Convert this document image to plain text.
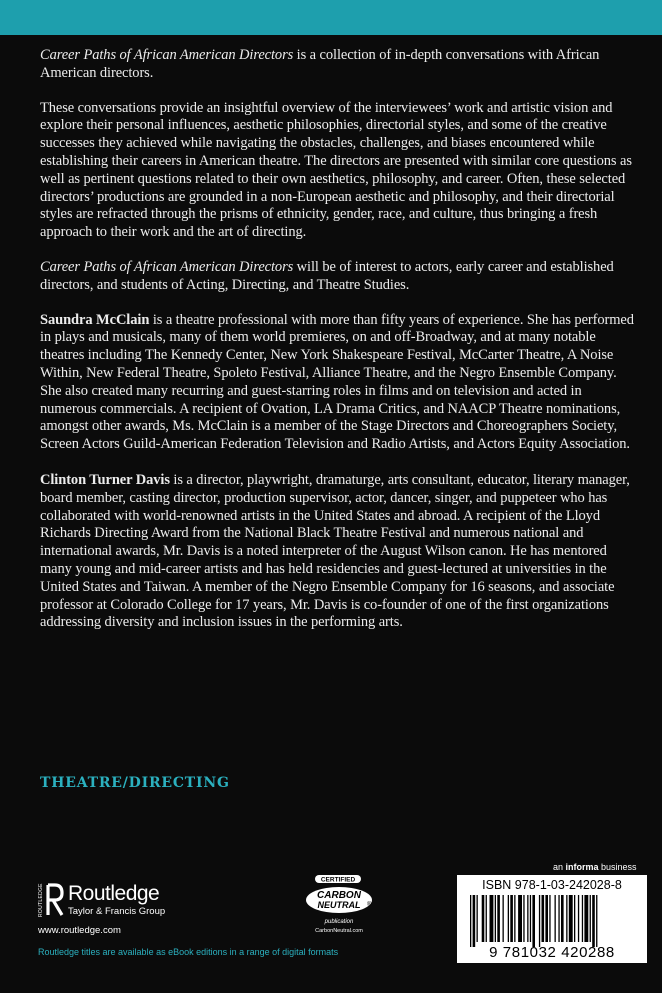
Career Paths of African American Directors is a collection of in-depth conversations with African American directors.

These conversations provide an insightful overview of the interviewees’ work and artistic vision and explore their personal influences, aesthetic philosophies, directorial styles, and some of the creative successes they achieved while navigating the obstacles, challenges, and biases encountered while establishing their careers in American theatre. The directors are presented with similar core questions as well as pertinent questions related to their own aesthetics, philosophy, and career. Often, these selected directors’ productions are grounded in a non-European aesthetic and philosophy, and their directorial styles are refracted through the prisms of ethnicity, gender, race, and culture, thus bringing a fresh approach to their work and the art of directing.

Career Paths of African American Directors will be of interest to actors, early career and established directors, and students of Acting, Directing, and Theatre Studies.

Saundra McClain is a theatre professional with more than fifty years of experience. She has performed in plays and musicals, many of them world premieres, on and off-Broadway, and at many notable theatres including The Kennedy Center, New York Shakespeare Festival, McCarter Theatre, A Noise Within, New Federal Theatre, Spoleto Festival, Alliance Theatre, and the Negro Ensemble Company. She also created many recurring and guest-starring roles in films and on television and acted in numerous commercials. A recipient of Ovation, LA Drama Critics, and NAACP Theatre nominations, amongst other awards, Ms. McClain is a member of the Stage Directors and Choreographers Society, Screen Actors Guild-American Federation Television and Radio Artists, and Actors Equity Association.

Clinton Turner Davis is a director, playwright, dramaturge, arts consultant, educator, literary manager, board member, casting director, production supervisor, actor, dancer, singer, and puppeteer who has collaborated with world-renowned artists in the United States and abroad. A recipient of the Lloyd Richards Directing Award from the National Black Theatre Festival and numerous national and international awards, Mr. Davis is a noted interpreter of the August Wilson canon. He has mentored many young and mid-career artists and has held residencies and guest-lectured at universities in the United States and Taiwan. A member of the Negro Ensemble Company for 16 seasons, and associate professor at Colorado College for 17 years, Mr. Davis is co-founder of one of the first organizations addressing diversity and inclusion issues in the performing arts.

THEATRE/DIRECTING
ROUTLEDGE Routledge
Taylor & Francis Group
www.routledge.com
Routledge titles are available as eBook editions in a range of digital formats
CERTIFIED
CARBON
NEUTRAL ®
publication
CarbonNeutral.com
an informa business
ISBN 978-1-03-242028-8
9 781032 420288
